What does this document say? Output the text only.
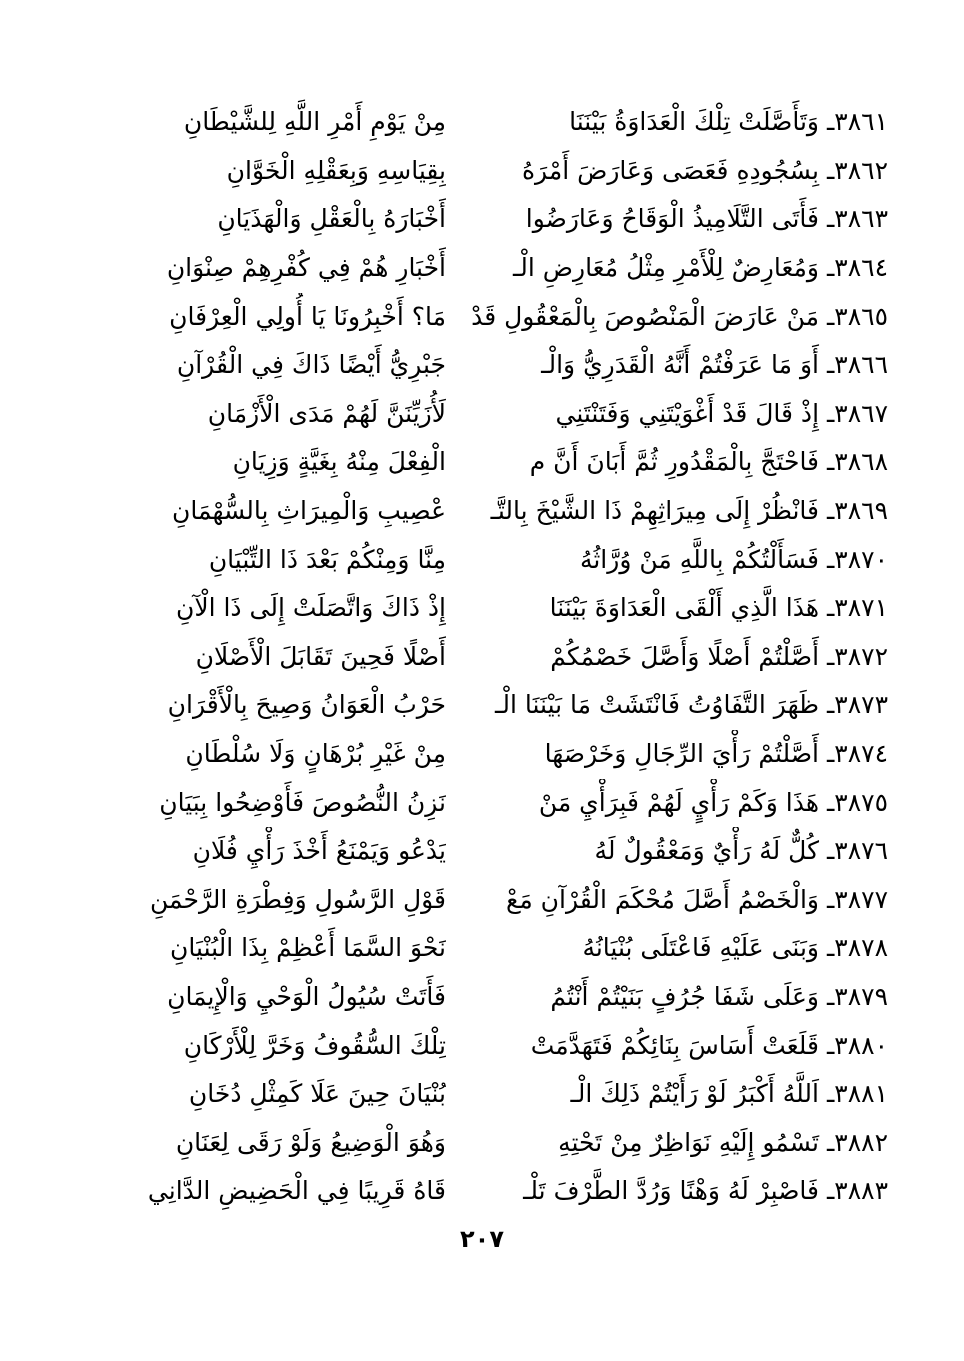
٣٨٦١ـ وَتَأَصَّلَتْ تِلْكَ الْعَدَاوَةُ بَيْنَنَا
مِنْ يَوْمِ أَمْرِ اللَّهِ لِلشَّيْطَانِ
٣٨٦٢ـ بِسُجُودِهِ فَعَصَى وَعَارَضَ أَمْرَهُ
بِقِيَاسِهِ وَبِعَقْلِهِ الْخَوَّانِ
٣٨٦٣ـ فَأَتَى التَّلَامِيذُ الْوَقَاحُ وَعَارَضُوا
أَخْبَارَهُ بِالْعَقْلِ وَالْهَذَيَانِ
٣٨٦٤ـ وَمُعَارِضٌ لِلْأَمْرِ مِثْلُ مُعَارِضِ الْـ
أَخْبَارِ هُمْ فِي كُفْرِهِمْ صِنْوَانِ
٣٨٦٥ـ مَنْ عَارَضَ الْمَنْصُوصَ بِالْمَعْقُولِ قَدْ
مَا؟ أَخْبِرُونَا يَا أُولِي الْعِرْفَانِ
٣٨٦٦ـ أَوَ مَا عَرَفْتُمْ أَنَّهُ الْقَدَرِيُّ وَالْـ
جَبْرِيُّ أَيْضًا ذَاكَ فِي الْقُرْآنِ
٣٨٦٧ـ إِذْ قَالَ قَدْ أَغْوَيْتَنِي وَفَتَنْتَنِي
لَأُزَيِّنَنَّ لَهُمْ مَدَى الْأَزْمَانِ
٣٨٦٨ـ فَاحْتَجَّ بِالْمَقْدُورِ ثُمَّ أَبَانَ أَنَّ م
الْفِعْلَ مِنْهُ بِغَيَّةٍ وَزِيَانِ
٣٨٦٩ـ فَانْظُرْ إِلَى مِيرَاثِهِمْ ذَا الشَّيْخَ بِالتَّـ
عْصِيبِ وَالْمِيرَاثِ بِالسُّهْمَانِ
٣٨٧٠ـ فَسَأَلْتُكُمْ بِاللَّهِ مَنْ وُرَّاثُهُ
مِنَّا وَمِنْكُمْ بَعْدَ ذَا التِّبْيَانِ
٣٨٧١ـ هَذَا الَّذِي أَلْقَى الْعَدَاوَةَ بَيْنَنَا
إِذْ ذَاكَ وَاتَّصَلَتْ إِلَى ذَا الْآنِ
٣٨٧٢ـ أَصَّلْتُمْ أَصْلًا وَأَصَّلَ خَصْمُكُمْ
أَصْلًا فَحِينَ تَقَابَلَ الْأَصْلَانِ
٣٨٧٣ـ ظَهَرَ التَّفَاوُتُ فَانْتَشَتْ مَا بَيْنَنَا الْـ
حَرْبُ الْعَوَانُ وَصِيحَ بِالْأَقْرَانِ
٣٨٧٤ـ أَصَّلْتُمْ رَأْيَ الرِّجَالِ وَخَرْصَهَا
مِنْ غَيْرِ بُرْهَانٍ وَلَا سُلْطَانِ
٣٨٧٥ـ هَذَا وَكَمْ رَأْيٍ لَهُمْ فَبِرَأْيِ مَنْ
نَزِنُ النُّصُوصَ فَأَوْضِحُوا بِبَيَانِ
٣٨٧٦ـ كُلٌّ لَهُ رَأْيٌ وَمَعْقُولٌ لَهُ
يَدْعُو وَيَمْنَعُ أَخْذَ رَأْيِ فُلَانِ
٣٨٧٧ـ وَالْخَصْمُ أَصَّلَ مُحْكَمَ الْقُرْآنِ مَعْ
قَوْلِ الرَّسُولِ وَفِطْرَةِ الرَّحْمَنِ
٣٨٧٨ـ وَبَنَى عَلَيْهِ فَاعْتَلَى بُنْيَانُهُ
نَحْوَ السَّمَا أَعْظِمْ بِذَا الْبُنْيَانِ
٣٨٧٩ـ وَعَلَى شَفَا جُرُفٍ بَنَيْتُمْ أَنْتُمُ
فَأَتَتْ سُيُولُ الْوَحْيِ وَالْإِيمَانِ
٣٨٨٠ـ قَلَعَتْ أَسَاسَ بِنَائِكُمْ فَتَهَدَّمَتْ
تِلْكَ السُّقُوفُ وَخَرَّ لِلْأَرْكَانِ
٣٨٨١ـ اَللَّهُ أَكْبَرُ لَوْ رَأَيْتُمْ ذَلِكَ الْـ
بُنْيَانَ حِينَ عَلَا كَمِثْلِ دُخَانِ
٣٨٨٢ـ تَسْمُو إِلَيْهِ نَوَاظِرٌ مِنْ تَحْتِهِ
وَهُوَ الْوَضِيعُ وَلَوْ رَقَى لِعَنَانِ
٣٨٨٣ـ فَاصْبِرْ لَهُ وَهْنًا وَرُدَّ الطَّرْفَ تَلْـ
قَاهُ قَرِيبًا فِي الْحَضِيضِ الدَّانِي
٢٠٧
